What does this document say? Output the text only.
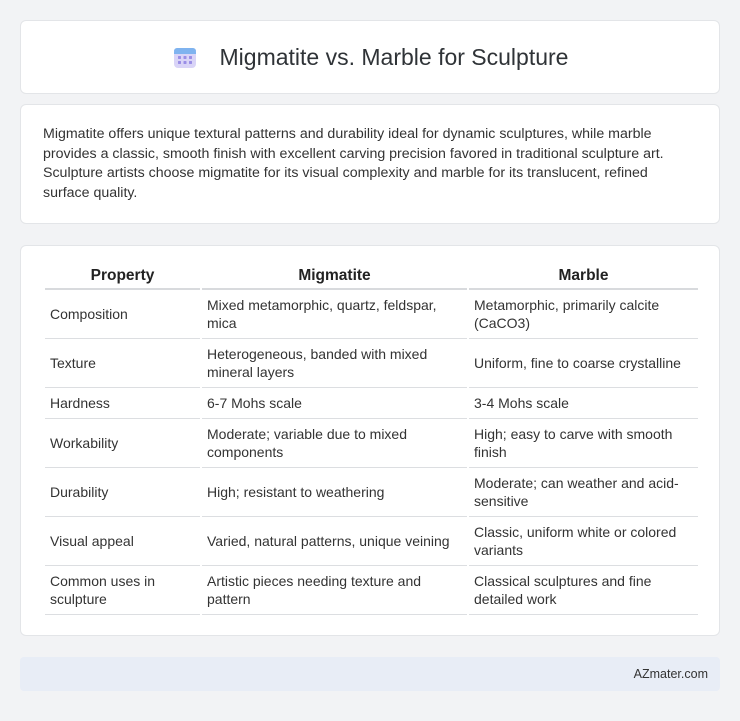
Migmatite vs. Marble for Sculpture

Migmatite offers unique textural patterns and durability ideal for dynamic sculptures, while marble provides a classic, smooth finish with excellent carving precision favored in traditional sculpture art. Sculpture artists choose migmatite for its visual complexity and marble for its translucent, refined surface quality.

Property	Migmatite	Marble
Composition	Mixed metamorphic, quartz, feldspar, mica	Metamorphic, primarily calcite (CaCO3)
Texture	Heterogeneous, banded with mixed mineral layers	Uniform, fine to coarse crystalline
Hardness	6-7 Mohs scale	3-4 Mohs scale
Workability	Moderate; variable due to mixed components	High; easy to carve with smooth finish
Durability	High; resistant to weathering	Moderate; can weather and acid-sensitive
Visual appeal	Varied, natural patterns, unique veining	Classic, uniform white or colored variants
Common uses in sculpture	Artistic pieces needing texture and pattern	Classical sculptures and fine detailed work
AZmater.com
